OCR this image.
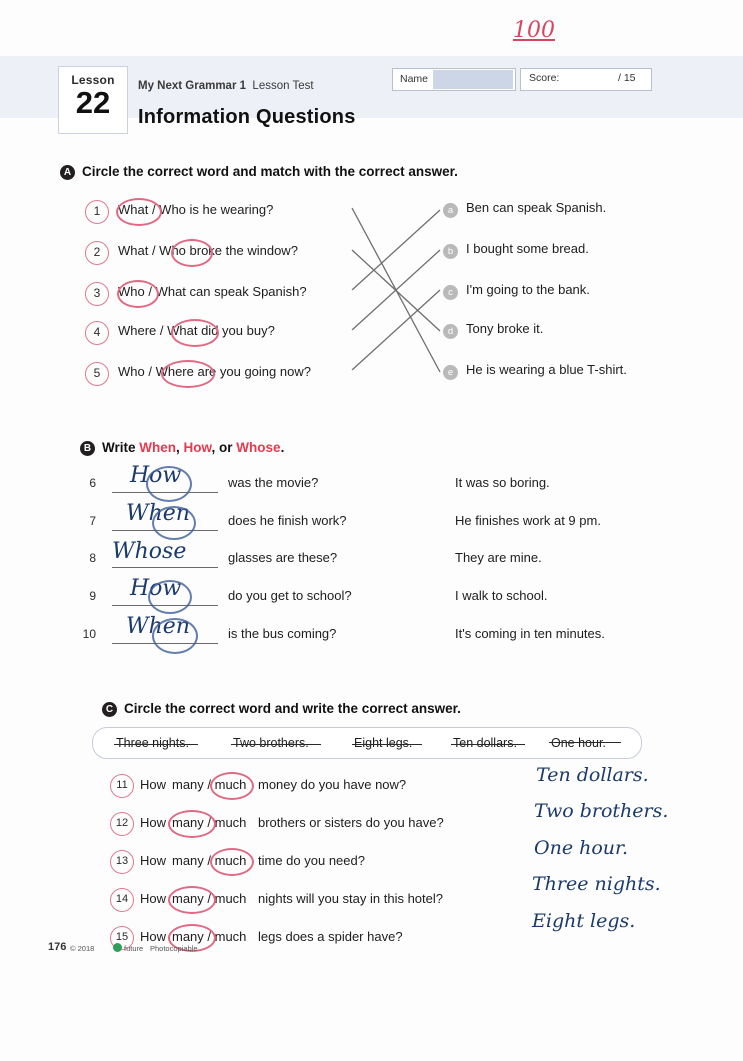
100
Lesson
22	My Next Grammar 1 Lesson Test
Information Questions
Name	Score:	/ 15
A Circle the correct word and match with the correct answer.
1	What / Who is he wearing?
2	What / Who broke the window?
3	Who / What can speak Spanish?
4	Where / What did you buy?
5	Who / Where are you going now?
a Ben can speak Spanish.
b I bought some bread.
c	I'm going to the bank.
d Tony broke it.
e He is wearing a blue T-shirt.
B Write When, How, or Whose.
6 How	was the movie?	It was so boring.
7 When	does he finish work?	He finishes work at 9 pm.
8 Whose	glasses are these?	They are mine.
9 How	do you get to school?	I walk to school.
10 When	is the bus coming?	It's coming in ten minutes.
C Circle the correct word and write the correct answer.
Three nights.	Two brothers.	Eight legs.	Ten dollars.	One hour.
11 How many / much money do you have now?
12 How many / much brothers or sisters do you have?
13 How many / much time do you need?
14 How many / much nights will you stay in this hotel?
15 How many / much legs does a spider have?
Ten dollars.
Two brothers.
One hour.
Three nights.
Eight legs.
176 © 2018	future Photocopiable
